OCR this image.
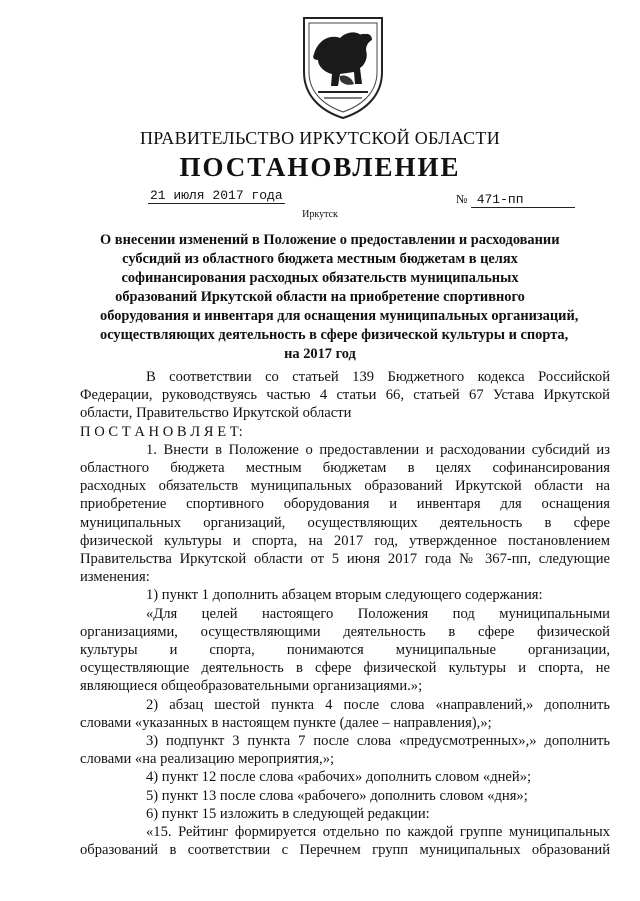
ПРАВИТЕЛЬСТВО ИРКУТСКОЙ ОБЛАСТИ
ПОСТАНОВЛЕНИЕ
21 июля 2017 года	№ 471-пп
Иркутск
О внесении изменений в Положение о предоставлении и расходовании
субсидий из областного бюджета местным бюджетам в целях
софинансирования расходных обязательств муниципальных
образований Иркутской области на приобретение спортивного
оборудования и инвентаря для оснащения муниципальных организаций,
осуществляющих деятельность в сфере физической культуры и спорта,
на 2017 год
В соответствии со статьей 139 Бюджетного кодекса Российской
Федерации, руководствуясь частью 4 статьи 66, статьей 67 Устава Иркутской
области, Правительство Иркутской области
П О С Т А Н О В Л Я Е Т:
1. Внести в Положение о предоставлении и расходовании субсидий из
областного бюджета местным бюджетам в целях софинансирования
расходных обязательств муниципальных образований Иркутской области на
приобретение спортивного оборудования и инвентаря для оснащения
муниципальных организаций, осуществляющих деятельность в сфере
физической культуры и спорта, на 2017 год, утвержденное постановлением
Правительства Иркутской области от 5 июня 2017 года № 367-пп, следующие
изменения:
1) пункт 1 дополнить абзацем вторым следующего содержания:
«Для целей настоящего Положения под муниципальными
организациями, осуществляющими деятельность в сфере физической
культуры и спорта, понимаются муниципальные организации,
осуществляющие деятельность в сфере физической культуры и спорта, не
являющиеся общеобразовательными организациями.»;
2) абзац шестой пункта 4 после слова «направлений,» дополнить
словами «указанных в настоящем пункте (далее – направления),»;
3) подпункт 3 пункта 7 после слова «предусмотренных»,» дополнить
словами «на реализацию мероприятия,»;
4) пункт 12 после слова «рабочих» дополнить словом «дней»;
5) пункт 13 после слова «рабочего» дополнить словом «дня»;
6) пункт 15 изложить в следующей редакции:
«15. Рейтинг формируется отдельно по каждой группе муниципальных
образований в соответствии с Перечнем групп муниципальных образований
